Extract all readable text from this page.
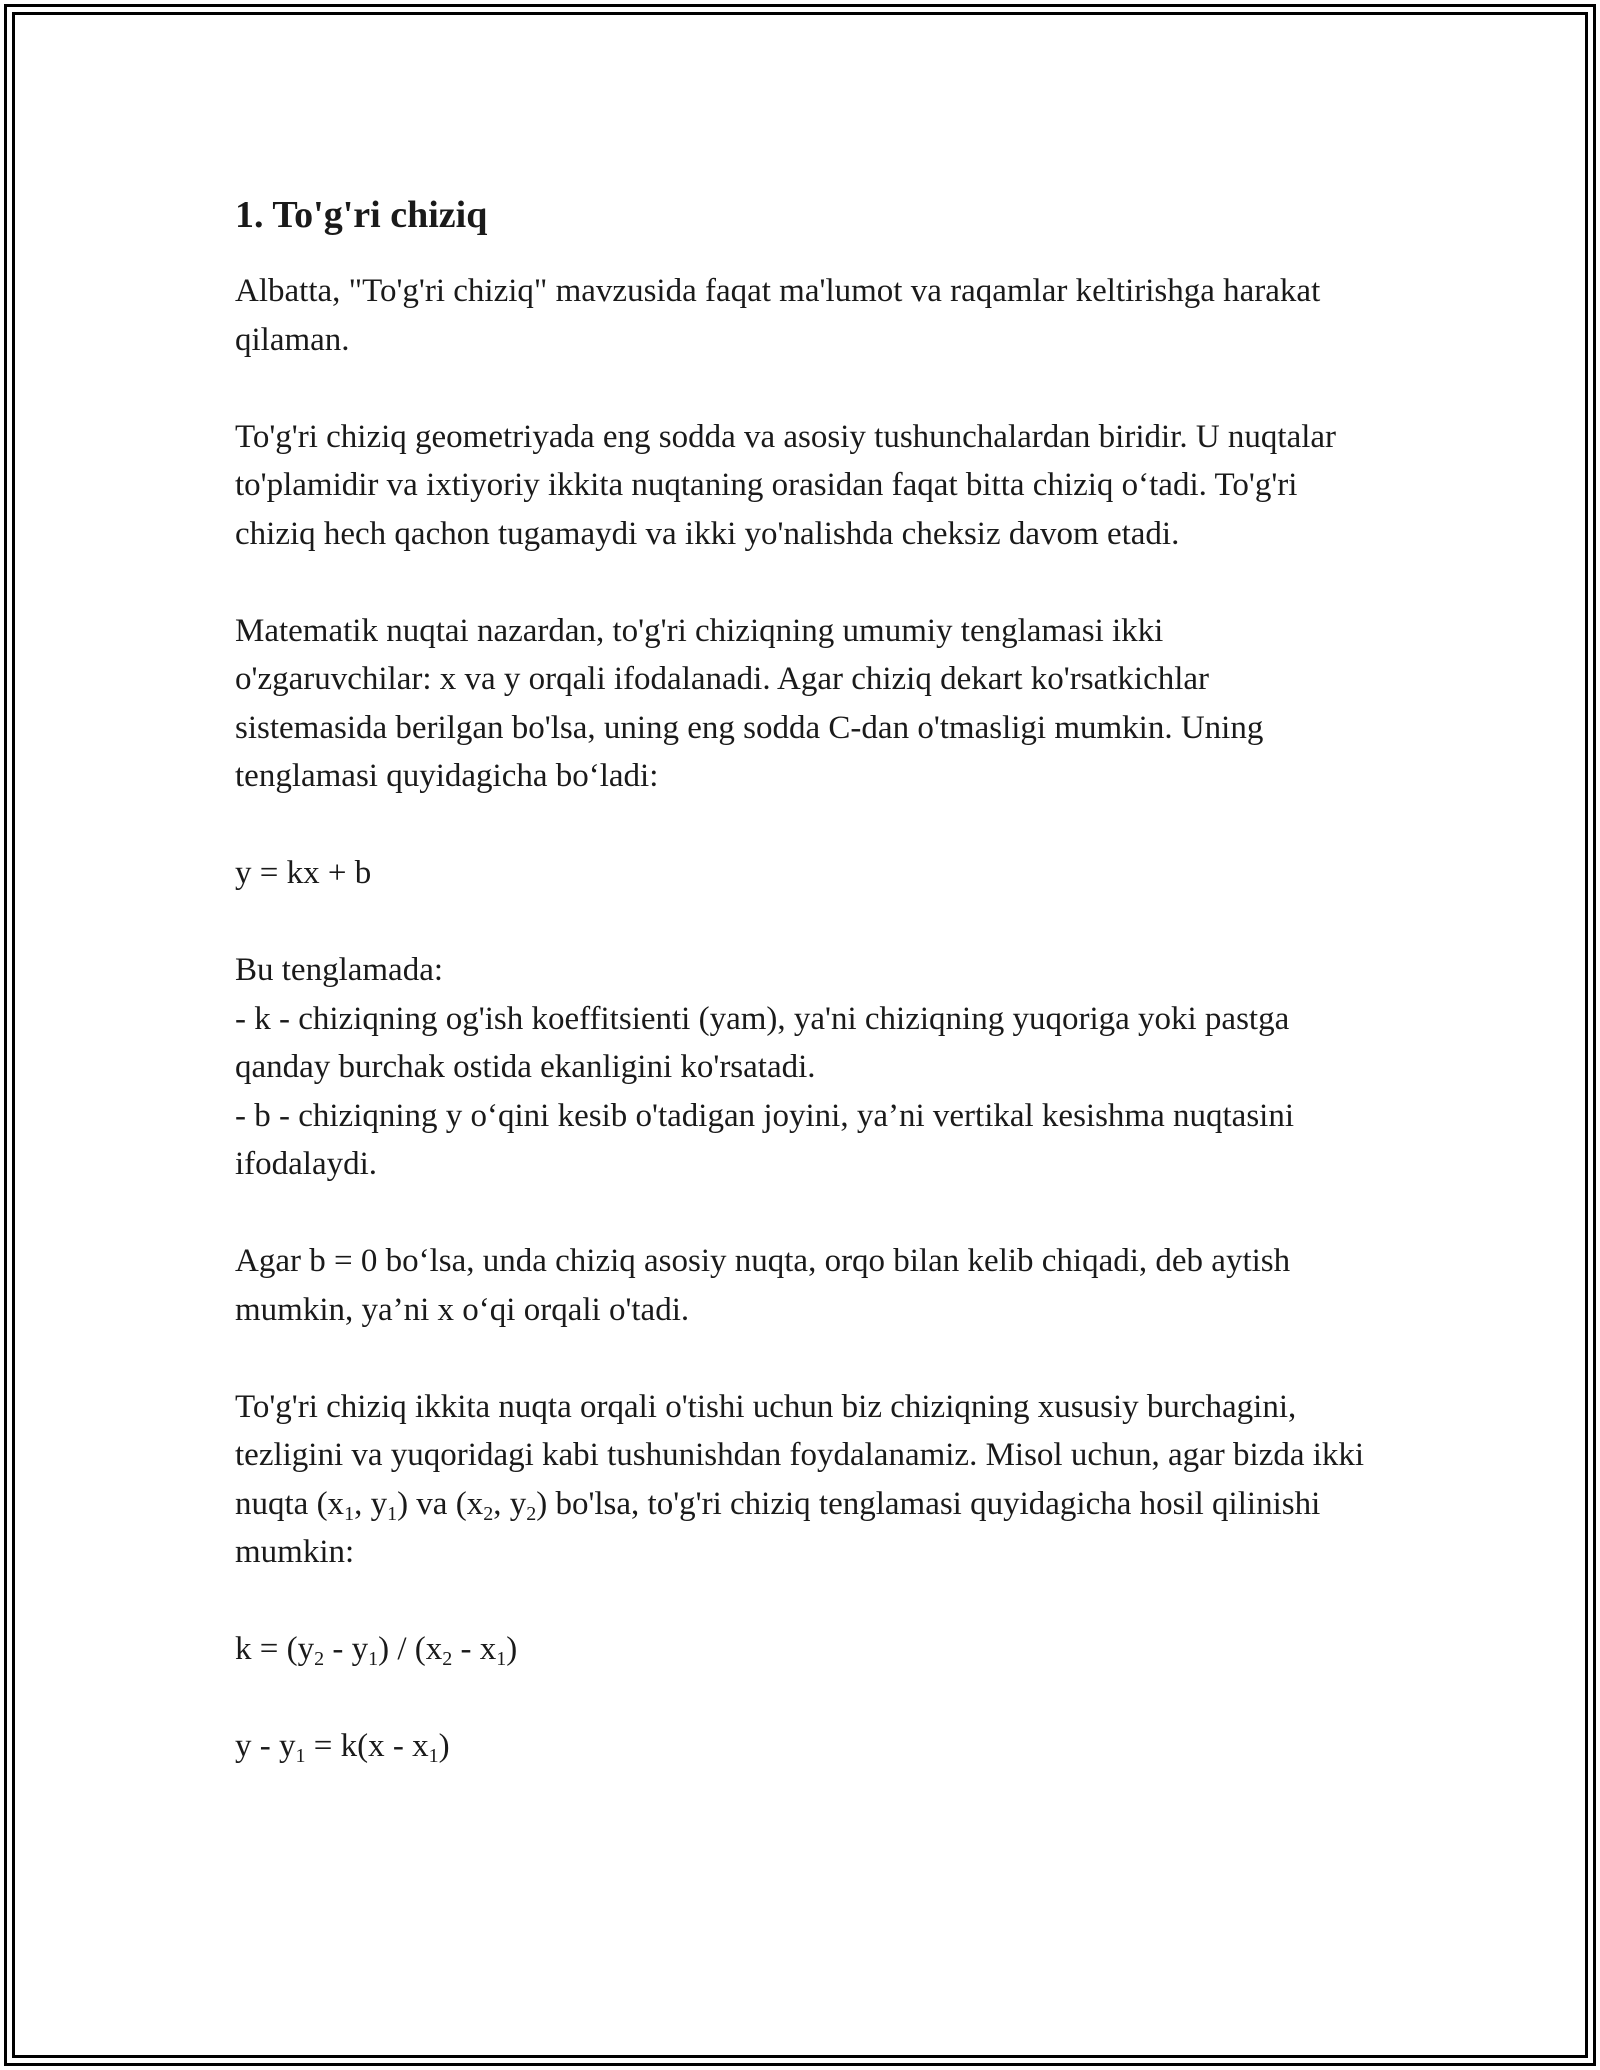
1. To'g'ri chiziq

Albatta, "To'g'ri chiziq" mavzusida faqat ma'lumot va raqamlar keltirishga harakat qilaman.

To'g'ri chiziq geometriyada eng sodda va asosiy tushunchalardan biridir. U nuqtalar to'plamidir va ixtiyoriy ikkita nuqtaning orasidan faqat bitta chiziq o‘tadi. To'g'ri chiziq hech qachon tugamaydi va ikki yo'nalishda cheksiz davom etadi.

Matematik nuqtai nazardan, to'g'ri chiziqning umumiy tenglamasi ikki o'zgaruvchilar: x va y orqali ifodalanadi. Agar chiziq dekart ko'rsatkichlar sistemasida berilgan bo'lsa, uning eng sodda C-dan o'tmasligi mumkin. Uning tenglamasi quyidagicha bo‘ladi:

y = kx + b

Bu tenglamada:
- k - chiziqning og'ish koeffitsienti (yam), ya'ni chiziqning yuqoriga yoki pastga qanday burchak ostida ekanligini ko'rsatadi.
- b - chiziqning y o‘qini kesib o'tadigan joyini, ya’ni vertikal kesishma nuqtasini ifodalaydi.

Agar b = 0 bo‘lsa, unda chiziq asosiy nuqta, orqo bilan kelib chiqadi, deb aytish mumkin, ya’ni x o‘qi orqali o'tadi.

To'g'ri chiziq ikkita nuqta orqali o'tishi uchun biz chiziqning xususiy burchagini, tezligini va yuqoridagi kabi tushunishdan foydalanamiz. Misol uchun, agar bizda ikki nuqta ($x_1$, $y_1$) va ($x_2$, $y_2$) bo'lsa, to'g'ri chiziq tenglamasi quyidagicha hosil qilinishi mumkin:

$k = (y_2 - y_1) / (x_2 - x_1)$

$y - y_1 = k(x - x_1)$
